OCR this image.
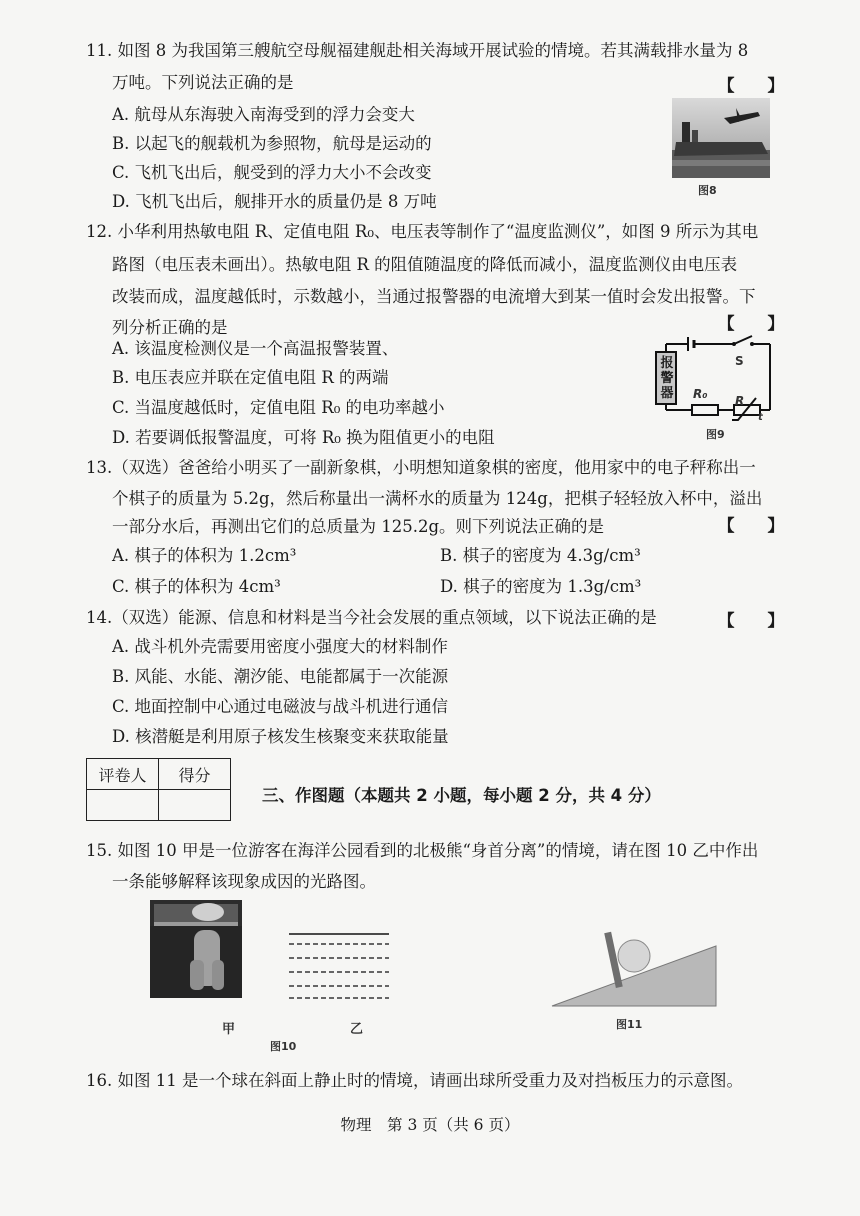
11. 如图 8 为我国第三艘航空母舰福建舰赴相关海域开展试验的情境。若其满载排水量为 8
万吨。下列说法正确的是	【　　】
A. 航母从东海驶入南海受到的浮力会变大
B. 以起飞的舰载机为参照物，航母是运动的
C. 飞机飞出后，舰受到的浮力大小不会改变
D. 飞机飞出后，舰排开水的质量仍是 8 万吨
图8
12. 小华利用热敏电阻 R、定值电阻 R₀、电压表等制作了“温度监测仪”，如图 9 所示为其电
路图（电压表未画出）。热敏电阻 R 的阻值随温度的降低而减小，温度监测仪由电压表
改装而成，温度越低时，示数越小，当通过报警器的电流增大到某一值时会发出报警。下
列分析正确的是	【　　】
A. 该温度检测仪是一个高温报警装置、
B. 电压表应并联在定值电阻 R 的两端
C. 当温度越低时，定值电阻 R₀ 的电功率越小
D. 若要调低报警温度，可将 R₀ 换为阻值更小的电阻
报警器
S
R₀ R
t
图9
13.（双选）爸爸给小明买了一副新象棋，小明想知道象棋的密度，他用家中的电子秤称出一
个棋子的质量为 5.2g，然后称量出一满杯水的质量为 124g，把棋子轻轻放入杯中，溢出
一部分水后，再测出它们的总质量为 125.2g。则下列说法正确的是	【　　】
A. 棋子的体积为 1.2cm³	B. 棋子的密度为 4.3g/cm³
C. 棋子的体积为 4cm³	D. 棋子的密度为 1.3g/cm³
14.（双选）能源、信息和材料是当今社会发展的重点领域，以下说法正确的是	【　　】
A. 战斗机外壳需要用密度小强度大的材料制作
B. 风能、水能、潮汐能、电能都属于一次能源
C. 地面控制中心通过电磁波与战斗机进行通信
D. 核潜艇是利用原子核发生核聚变来获取能量
评卷人	得分

三、作图题（本题共 2 小题，每小题 2 分，共 4 分）
15. 如图 10 甲是一位游客在海洋公园看到的北极熊“身首分离”的情境，请在图 10 乙中作出
一条能够解释该现象成因的光路图。
甲	乙
图10
图11
16. 如图 11 是一个球在斜面上静止时的情境，请画出球所受重力及对挡板压力的示意图。
物理　第 3 页（共 6 页）
